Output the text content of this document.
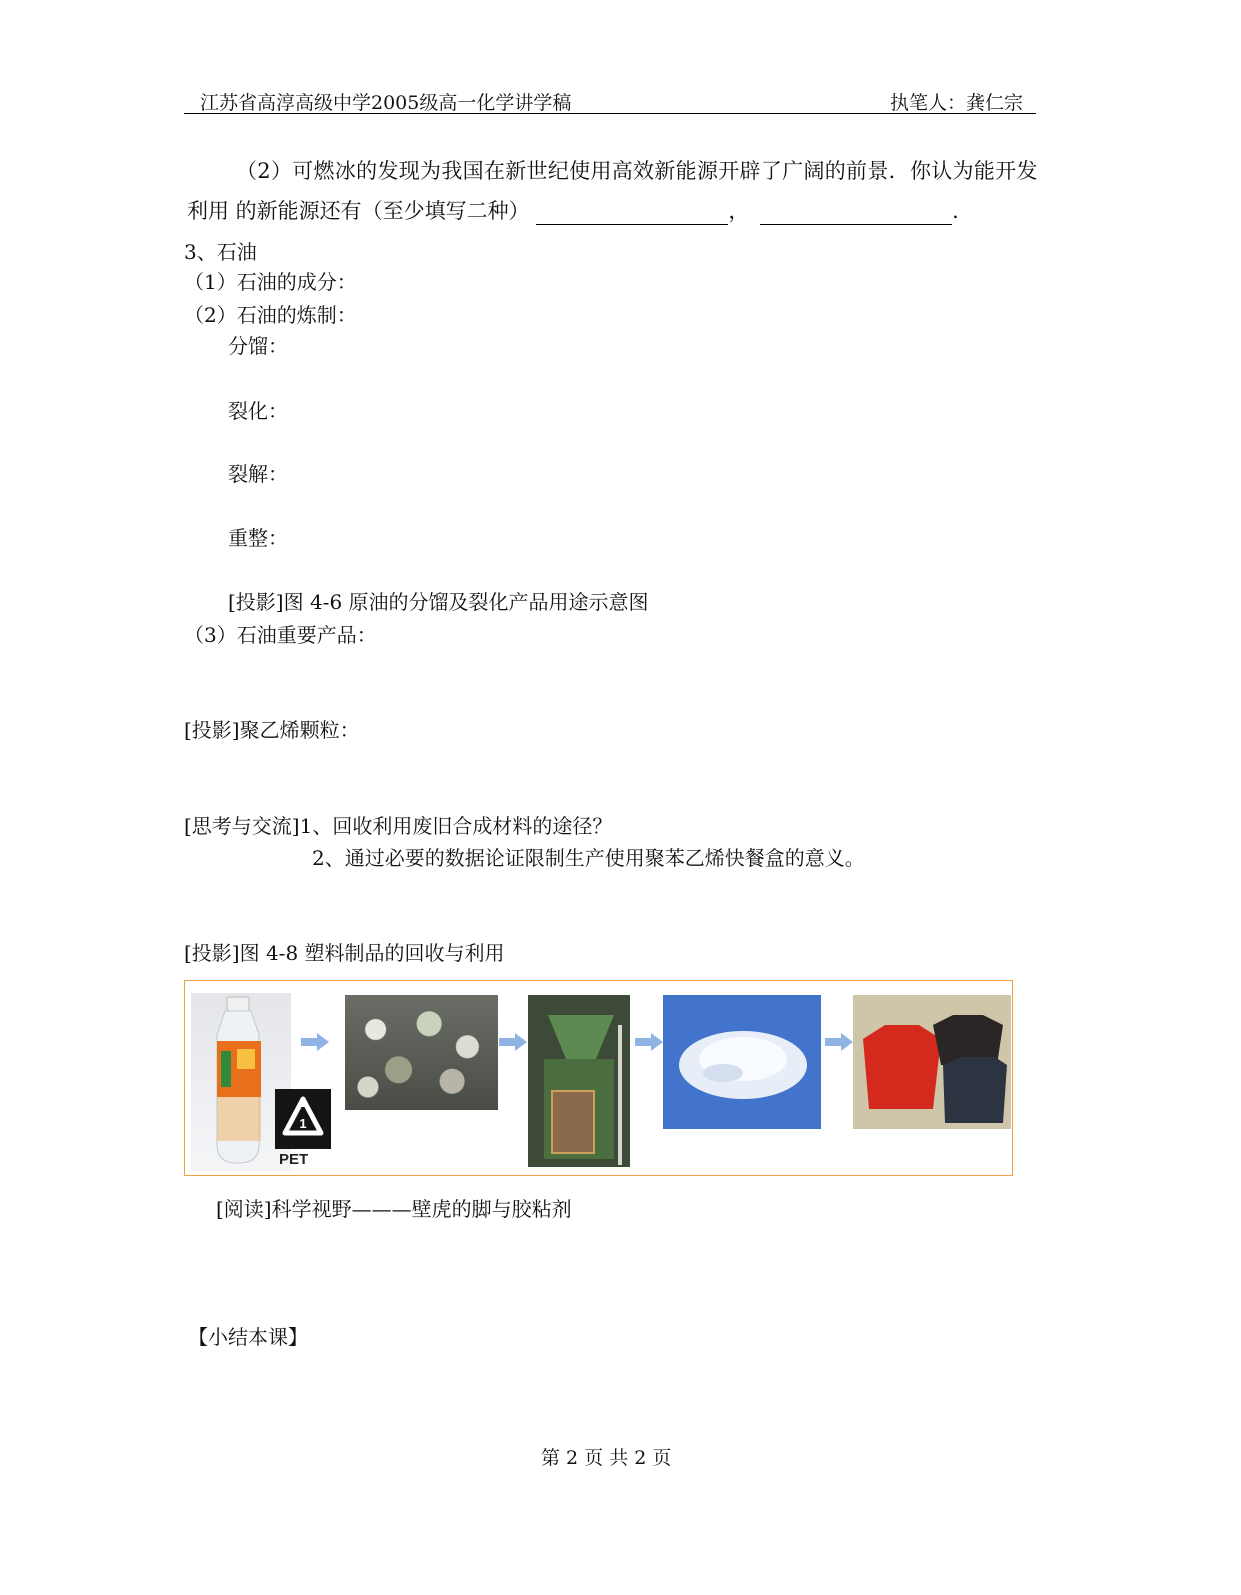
江苏省高淳高级中学2005级高一化学讲学稿	执笔人：龚仁宗
（2）可燃冰的发现为我国在新世纪使用高效新能源开辟了广阔的前景．你认为能开发
利用 的新能源还有（至少填写二种）	，	.
3、石油
（1）石油的成分：
（2）石油的炼制：
分馏：
裂化：
裂解：
重整：
[投影]图 4-6 原油的分馏及裂化产品用途示意图
（3）石油重要产品：
[投影]聚乙烯颗粒：
[思考与交流]1、回收利用废旧合成材料的途径？
2、通过必要的数据论证限制生产使用聚苯乙烯快餐盒的意义。
[投影]图 4-8 塑料制品的回收与利用
1
PET
[阅读]科学视野———壁虎的脚与胶粘剂
【小结本课】
第 2 页 共 2 页
